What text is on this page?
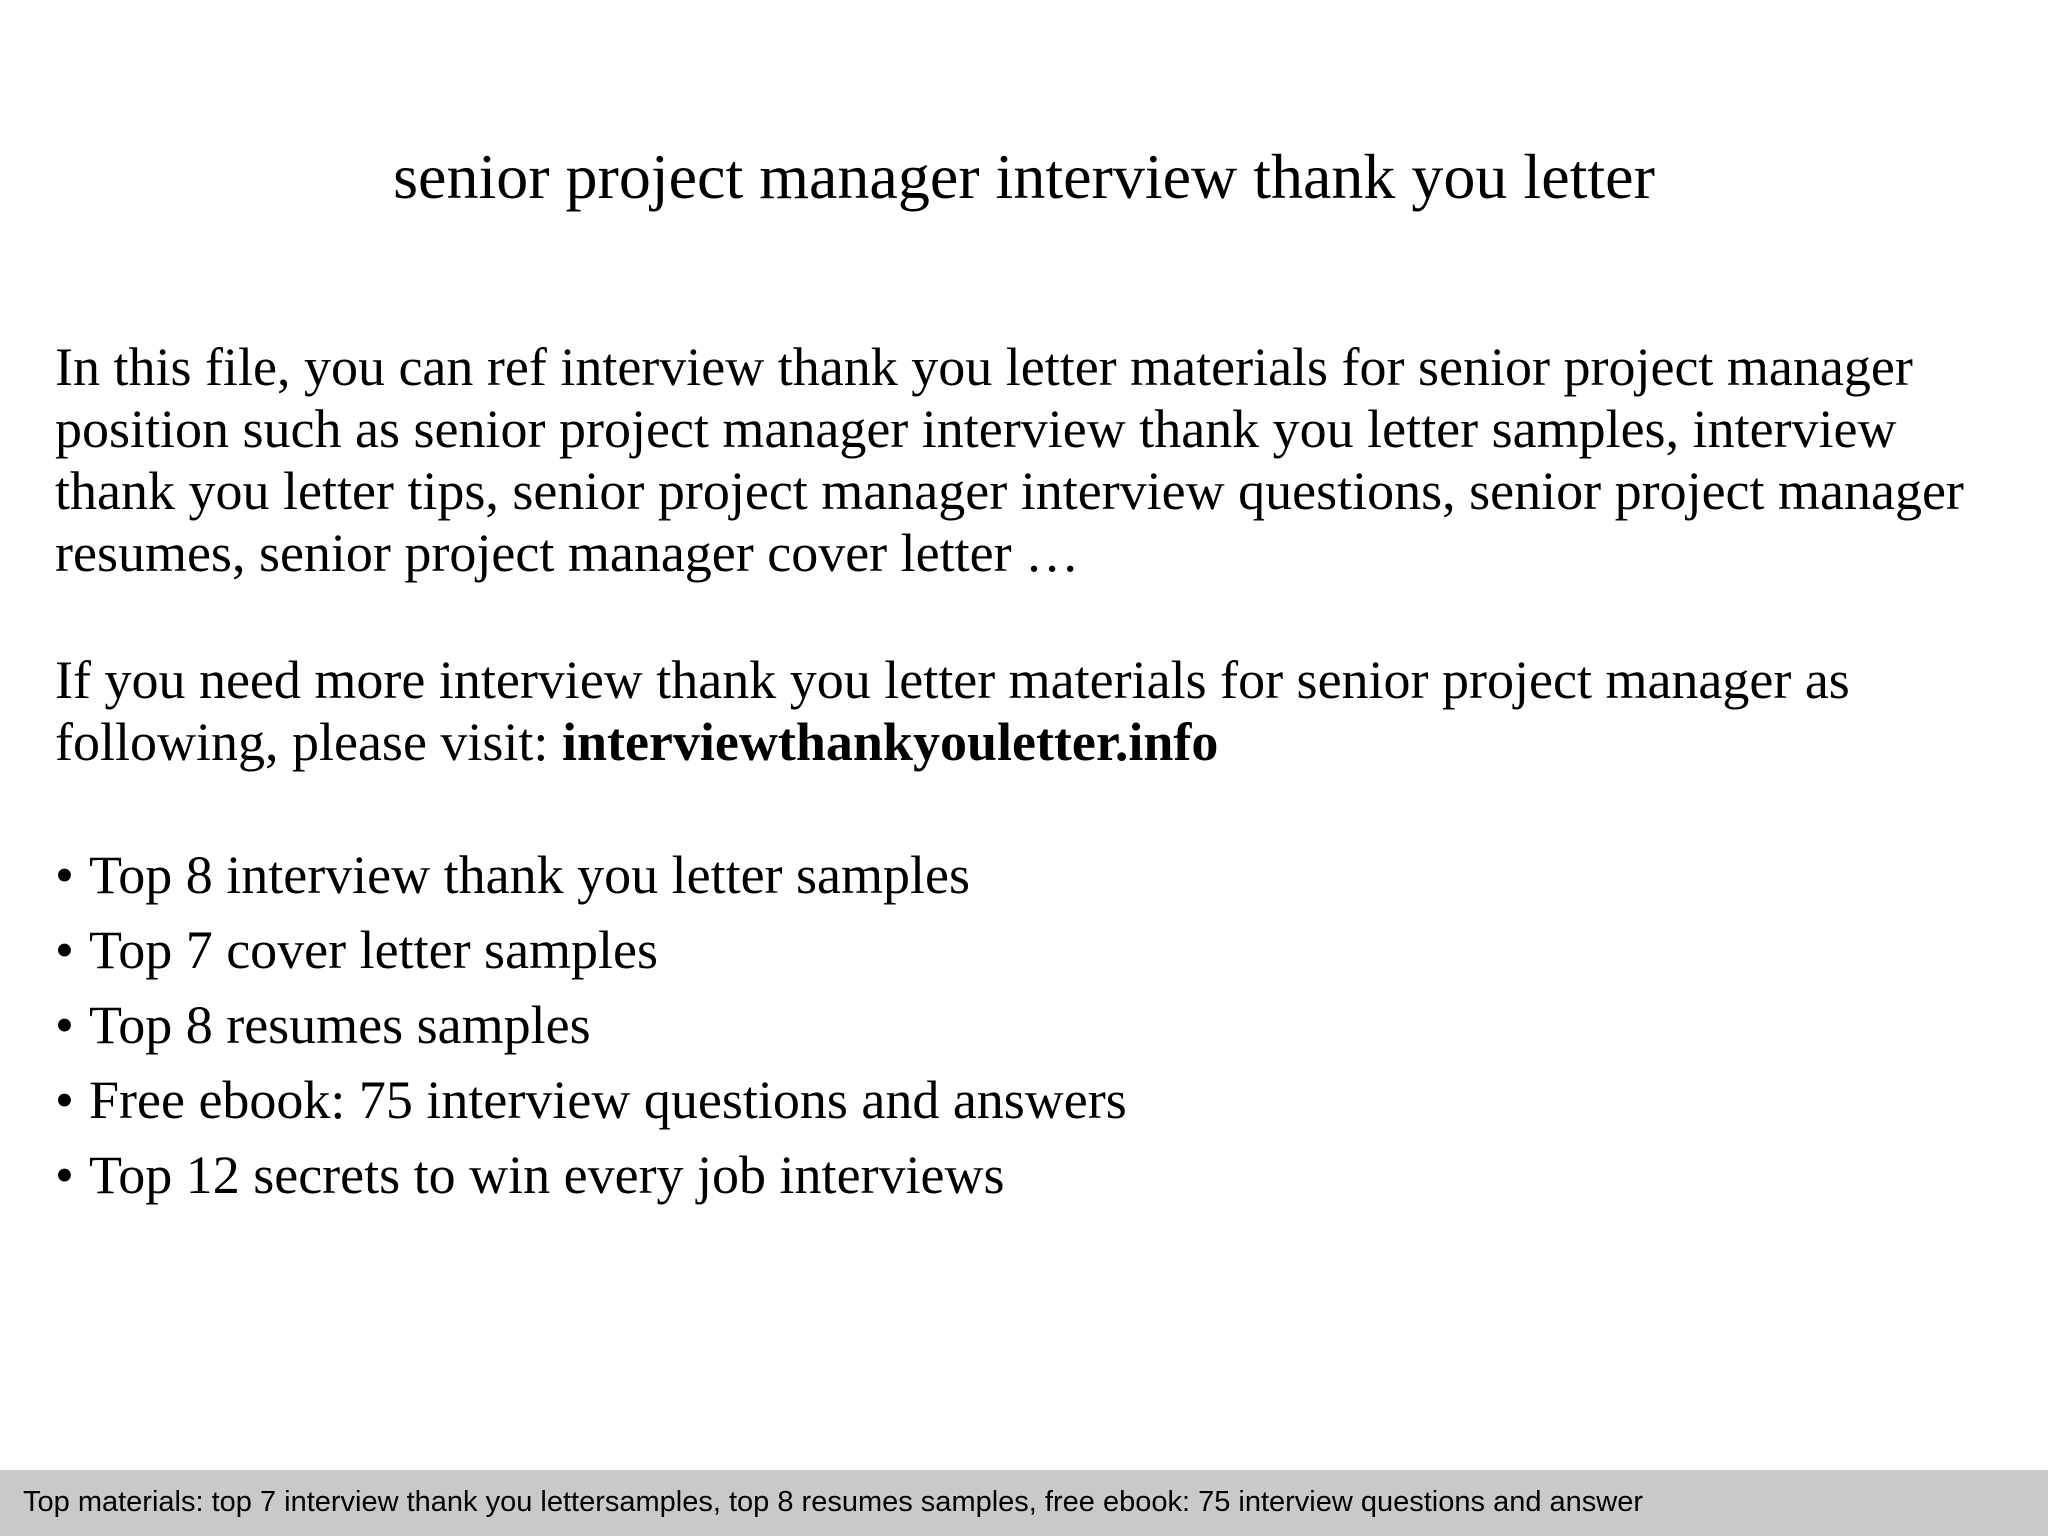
senior project manager interview thank you letter

In this file, you can ref interview thank you letter materials for senior project manager position such as senior project manager interview thank you letter samples, interview thank you letter tips, senior project manager interview questions, senior project manager resumes, senior project manager cover letter …

If you need more interview thank you letter materials for senior project manager as following, please visit: interviewthankyouletter.info

• Top 8 interview thank you letter samples
• Top 7 cover letter samples
• Top 8 resumes samples
• Free ebook: 75 interview questions and answers
• Top 12 secrets to win every job interviews
Top materials: top 7 interview thank you lettersamples, top 8 resumes samples, free ebook: 75 interview questions and answer
